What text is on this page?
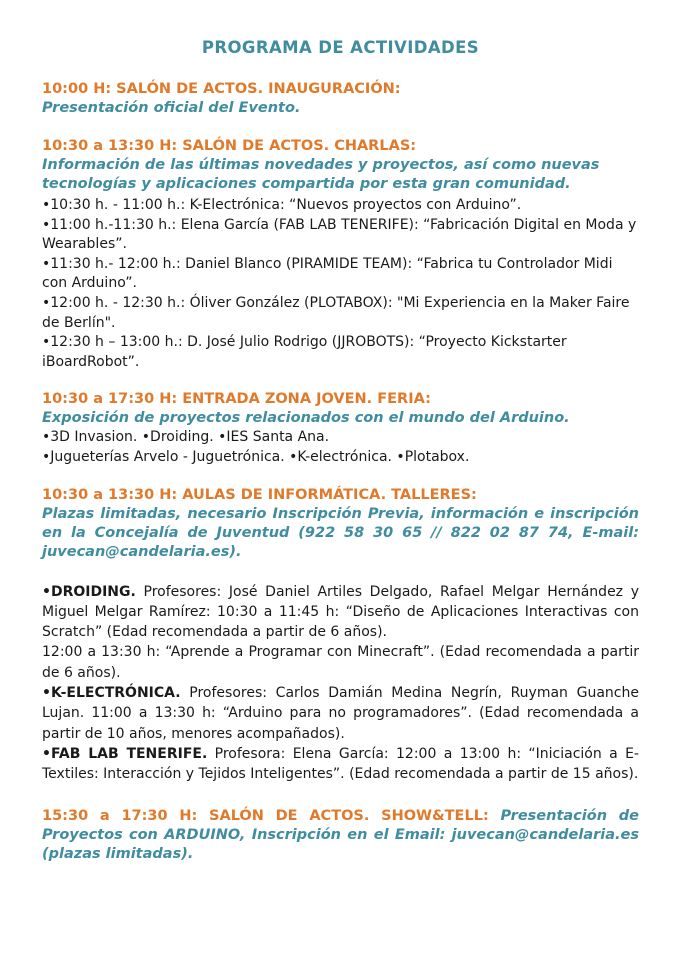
PROGRAMA DE ACTIVIDADES

10:00 H: SALÓN DE ACTOS. INAUGURACIÓN:

Presentación oficial del Evento.

10:30 a 13:30 H: SALÓN DE ACTOS. CHARLAS:

Información de las últimas novedades y proyectos, así como nuevas tecnologías y aplicaciones compartida por esta gran comunidad.

•10:30 h. - 11:00 h.: K-Electrónica: “Nuevos proyectos con Arduino”.

•11:00 h.-11:30 h.: Elena García (FAB LAB TENERIFE): “Fabricación Digital en Moda y Wearables”.

•11:30 h.- 12:00 h.: Daniel Blanco (PIRAMIDE TEAM): “Fabrica tu Controlador Midi con Arduino”.

•12:00 h. - 12:30 h.: Óliver González (PLOTABOX): "Mi Experiencia en la Maker Faire de Berlín".

•12:30 h – 13:00 h.: D. José Julio Rodrigo (JJROBOTS): “Proyecto Kickstarter iBoardRobot”.

10:30 a 17:30 H: ENTRADA ZONA JOVEN. FERIA:

Exposición de proyectos relacionados con el mundo del Arduino.

•3D Invasion. •Droiding. •IES Santa Ana.

•Jugueterías Arvelo - Juguetrónica. •K-electrónica. •Plotabox.

10:30 a 13:30 H: AULAS DE INFORMÁTICA. TALLERES:

Plazas limitadas, necesario Inscripción Previa, información e inscripción en la Concejalía de Juventud (922 58 30 65 // 822 02 87 74, E-mail: juvecan@candelaria.es).

•DROIDING. Profesores: José Daniel Artiles Delgado, Rafael Melgar Hernández y Miguel Melgar Ramírez: 10:30 a 11:45 h: “Diseño de Aplicaciones Interactivas con Scratch” (Edad recomendada a partir de 6 años).

12:00 a 13:30 h: “Aprende a Programar con Minecraft”. (Edad recomendada a partir de 6 años).

•K-ELECTRÓNICA. Profesores: Carlos Damián Medina Negrín, Ruyman Guanche Lujan. 11:00 a 13:30 h: “Arduino para no programadores”. (Edad recomendada a partir de 10 años, menores acompañados).

•FAB LAB TENERIFE. Profesora: Elena García: 12:00 a 13:00 h: “Iniciación a E-Textiles: Interacción y Tejidos Inteligentes”. (Edad recomendada a partir de 15 años).

15:30 a 17:30 H: SALÓN DE ACTOS. SHOW&TELL: Presentación de Proyectos con ARDUINO, Inscripción en el Email: juvecan@candelaria.es (plazas limitadas).
